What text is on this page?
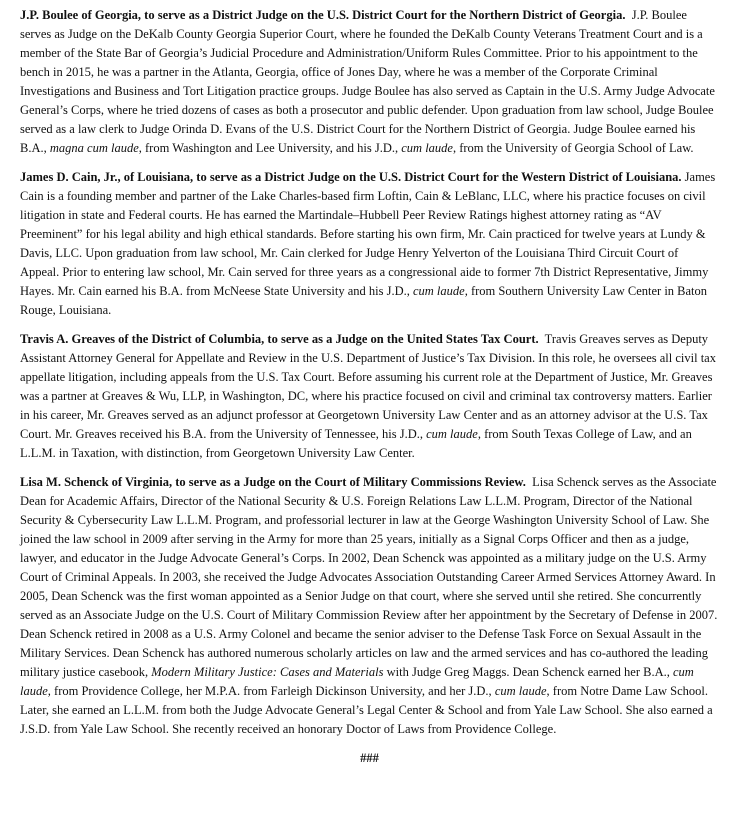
J.P. Boulee of Georgia, to serve as a District Judge on the U.S. District Court for the Northern District of Georgia. J.P. Boulee serves as Judge on the DeKalb County Georgia Superior Court, where he founded the DeKalb County Veterans Treatment Court and is a member of the State Bar of Georgia’s Judicial Procedure and Administration/Uniform Rules Committee. Prior to his appointment to the bench in 2015, he was a partner in the Atlanta, Georgia, office of Jones Day, where he was a member of the Corporate Criminal Investigations and Business and Tort Litigation practice groups. Judge Boulee has also served as Captain in the U.S. Army Judge Advocate General’s Corps, where he tried dozens of cases as both a prosecutor and public defender. Upon graduation from law school, Judge Boulee served as a law clerk to Judge Orinda D. Evans of the U.S. District Court for the Northern District of Georgia. Judge Boulee earned his B.A., magna cum laude, from Washington and Lee University, and his J.D., cum laude, from the University of Georgia School of Law.

James D. Cain, Jr., of Louisiana, to serve as a District Judge on the U.S. District Court for the Western District of Louisiana. James Cain is a founding member and partner of the Lake Charles-based firm Loftin, Cain & LeBlanc, LLC, where his practice focuses on civil litigation in state and Federal courts. He has earned the Martindale–Hubbell Peer Review Ratings highest attorney rating as “AV Preeminent” for his legal ability and high ethical standards. Before starting his own firm, Mr. Cain practiced for twelve years at Lundy & Davis, LLC. Upon graduation from law school, Mr. Cain clerked for Judge Henry Yelverton of the Louisiana Third Circuit Court of Appeal. Prior to entering law school, Mr. Cain served for three years as a congressional aide to former 7th District Representative, Jimmy Hayes. Mr. Cain earned his B.A. from McNeese State University and his J.D., cum laude, from Southern University Law Center in Baton Rouge, Louisiana.

Travis A. Greaves of the District of Columbia, to serve as a Judge on the United States Tax Court. Travis Greaves serves as Deputy Assistant Attorney General for Appellate and Review in the U.S. Department of Justice’s Tax Division. In this role, he oversees all civil tax appellate litigation, including appeals from the U.S. Tax Court. Before assuming his current role at the Department of Justice, Mr. Greaves was a partner at Greaves & Wu, LLP, in Washington, DC, where his practice focused on civil and criminal tax controversy matters. Earlier in his career, Mr. Greaves served as an adjunct professor at Georgetown University Law Center and as an attorney advisor at the U.S. Tax Court. Mr. Greaves received his B.A. from the University of Tennessee, his J.D., cum laude, from South Texas College of Law, and an L.L.M. in Taxation, with distinction, from Georgetown University Law Center.

Lisa M. Schenck of Virginia, to serve as a Judge on the Court of Military Commissions Review. Lisa Schenck serves as the Associate Dean for Academic Affairs, Director of the National Security & U.S. Foreign Relations Law L.L.M. Program, Director of the National Security & Cybersecurity Law L.L.M. Program, and professorial lecturer in law at the George Washington University School of Law. She joined the law school in 2009 after serving in the Army for more than 25 years, initially as a Signal Corps Officer and then as a judge, lawyer, and educator in the Judge Advocate General’s Corps. In 2002, Dean Schenck was appointed as a military judge on the U.S. Army Court of Criminal Appeals. In 2003, she received the Judge Advocates Association Outstanding Career Armed Services Attorney Award. In 2005, Dean Schenck was the first woman appointed as a Senior Judge on that court, where she served until she retired. She concurrently served as an Associate Judge on the U.S. Court of Military Commission Review after her appointment by the Secretary of Defense in 2007. Dean Schenck retired in 2008 as a U.S. Army Colonel and became the senior adviser to the Defense Task Force on Sexual Assault in the Military Services. Dean Schenck has authored numerous scholarly articles on law and the armed services and has co-authored the leading military justice casebook, Modern Military Justice: Cases and Materials with Judge Greg Maggs. Dean Schenck earned her B.A., cum laude, from Providence College, her M.P.A. from Farleigh Dickinson University, and her J.D., cum laude, from Notre Dame Law School. Later, she earned an L.L.M. from both the Judge Advocate General’s Legal Center & School and from Yale Law School. She also earned a J.S.D. from Yale Law School. She recently received an honorary Doctor of Laws from Providence College.

###
